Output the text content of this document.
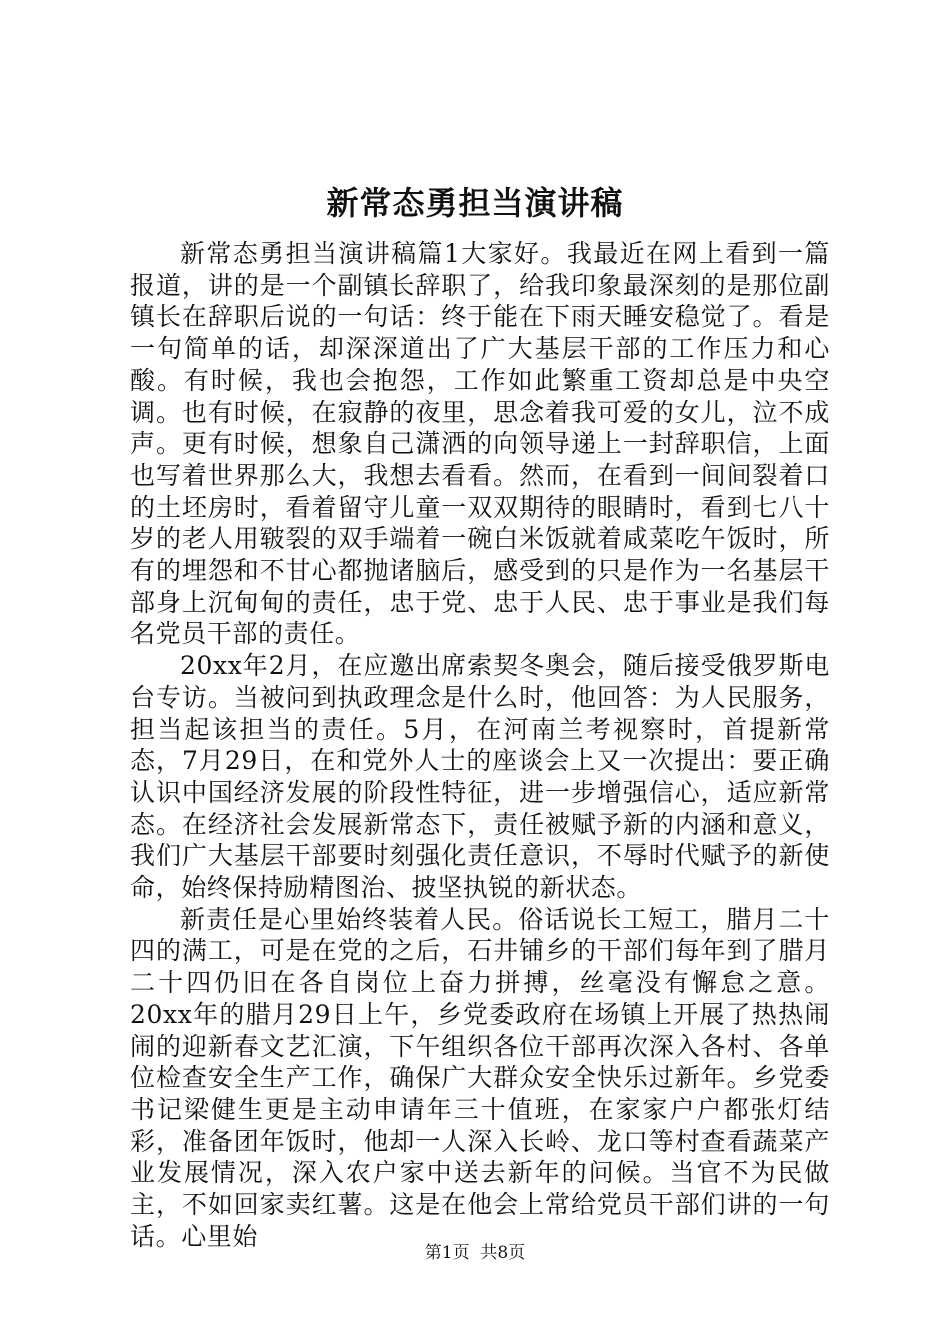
新常态勇担当演讲稿

新常态勇担当演讲稿篇1大家好。我最近在网上看到一篇报道，讲的是一个副镇长辞职了，给我印象最深刻的是那位副镇长在辞职后说的一句话：终于能在下雨天睡安稳觉了。看是一句简单的话，却深深道出了广大基层干部的工作压力和心酸。有时候，我也会抱怨，工作如此繁重工资却总是中央空调。也有时候，在寂静的夜里，思念着我可爱的女儿，泣不成声。更有时候，想象自己潇洒的向领导递上一封辞职信，上面也写着世界那么大，我想去看看。然而，在看到一间间裂着口的土坯房时，看着留守儿童一双双期待的眼睛时，看到七八十岁的老人用皲裂的双手端着一碗白米饭就着咸菜吃午饭时，所有的埋怨和不甘心都抛诸脑后，感受到的只是作为一名基层干部身上沉甸甸的责任，忠于党、忠于人民、忠于事业是我们每名党员干部的责任。

20xx年2月，在应邀出席索契冬奥会，随后接受俄罗斯电台专访。当被问到执政理念是什么时，他回答：为人民服务，担当起该担当的责任。5月，在河南兰考视察时，首提新常态，7月29日，在和党外人士的座谈会上又一次提出：要正确认识中国经济发展的阶段性特征，进一步增强信心，适应新常态。在经济社会发展新常态下，责任被赋予新的内涵和意义，我们广大基层干部要时刻强化责任意识，不辱时代赋予的新使命，始终保持励精图治、披坚执锐的新状态。

新责任是心里始终装着人民。俗话说长工短工，腊月二十四的满工，可是在党的之后，石井铺乡的干部们每年到了腊月二十四仍旧在各自岗位上奋力拼搏，丝毫没有懈怠之意。20xx年的腊月29日上午，乡党委政府在场镇上开展了热热闹闹的迎新春文艺汇演，下午组织各位干部再次深入各村、各单位检查安全生产工作，确保广大群众安全快乐过新年。乡党委书记梁健生更是主动申请年三十值班，在家家户户都张灯结彩，准备团年饭时，他却一人深入长岭、龙口等村查看蔬菜产业发展情况，深入农户家中送去新年的问候。当官不为民做主，不如回家卖红薯。这是在他会上常给党员干部们讲的一句话。心里始

第1页  共8页
